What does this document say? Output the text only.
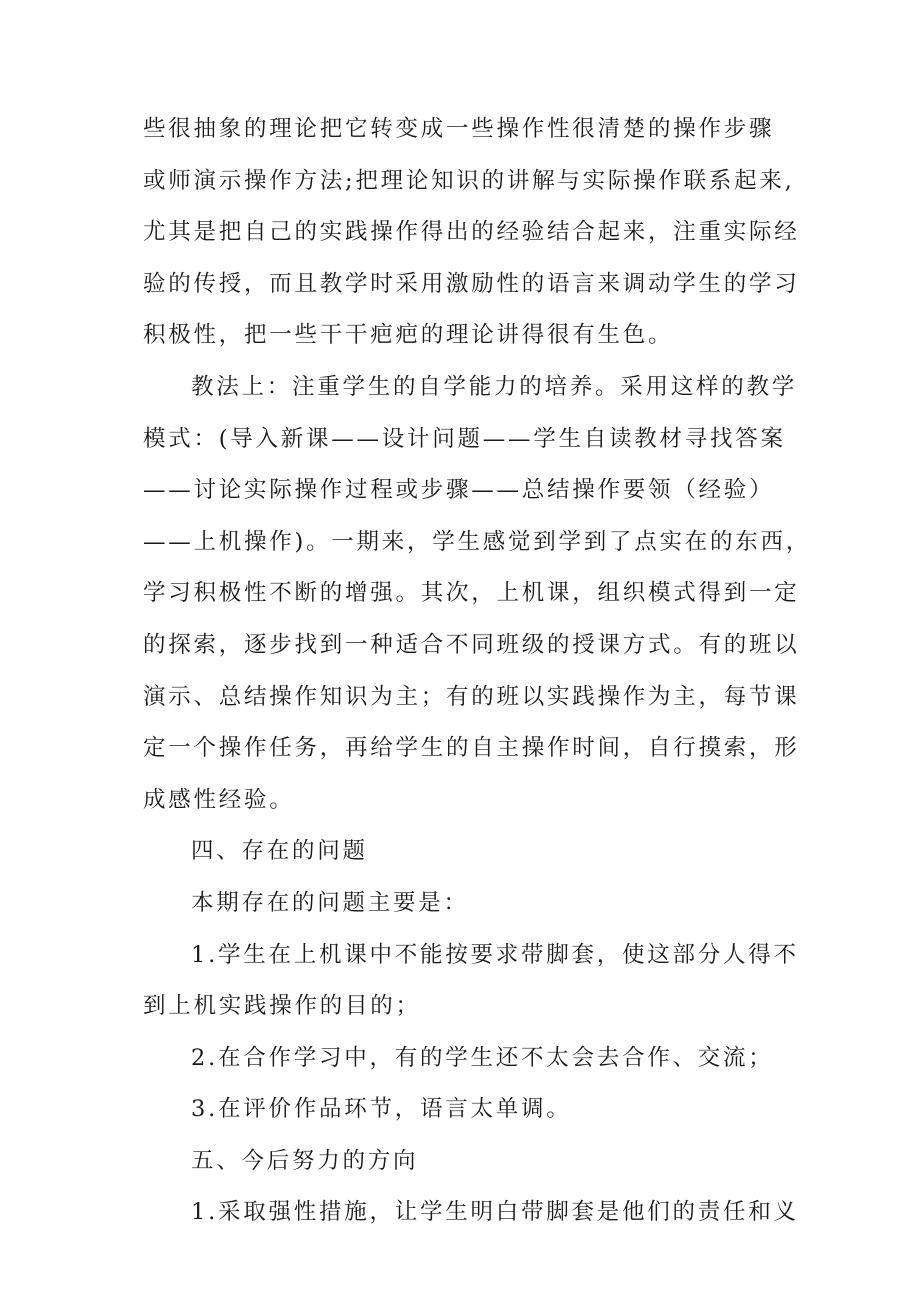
些很抽象的理论把它转变成一些操作性很清楚的操作步骤
或师演示操作方法;把理论知识的讲解与实际操作联系起来,
尤其是把自己的实践操作得出的经验结合起来，注重实际经
验的传授，而且教学时采用激励性的语言来调动学生的学习
积极性，把一些干干疤疤的理论讲得很有生色。
教法上：注重学生的自学能力的培养。采用这样的教学
模式：(导入新课——设计问题——学生自读教材寻找答案
——讨论实际操作过程或步骤——总结操作要领（经验）
——上机操作)。一期来，学生感觉到学到了点实在的东西，
学习积极性不断的增强。其次，上机课，组织模式得到一定
的探索，逐步找到一种适合不同班级的授课方式。有的班以
演示、总结操作知识为主；有的班以实践操作为主，每节课
定一个操作任务，再给学生的自主操作时间，自行摸索，形
成感性经验。
四、存在的问题
本期存在的问题主要是：
1.学生在上机课中不能按要求带脚套，使这部分人得不
到上机实践操作的目的；
2.在合作学习中，有的学生还不太会去合作、交流；
3.在评价作品环节，语言太单调。
五、今后努力的方向
1.采取强性措施，让学生明白带脚套是他们的责任和义
